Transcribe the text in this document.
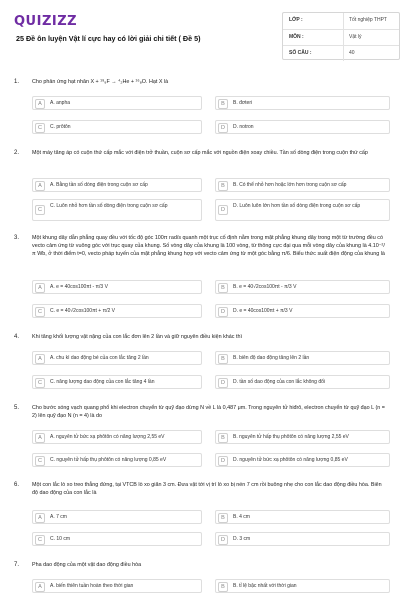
QUIZIZZ
25 Đề ôn luyện Vật lí cực hay có lời giải chi tiết ( Đề 5)
LỚP :	Tốt nghiệp THPT
MÔN :	Vật lý
SỐ CÂU :	40
1. Cho phản ứng hạt nhân X + ¹⁹₉F → ⁴₂He + ¹⁶₈O. Hạt X là
A	A. anpha	B	B. đơteri
C	C. prôtôn	D	D. notron
2. Một máy tăng áp có cuộn thứ cấp mắc với điện trở thuần, cuộn sơ cấp mắc với nguồn điện xoay chiều. Tần số dòng điện trong cuộn thứ cấp
A	A. Bằng tần số dòng điện trong cuộn sơ cấp	B	B. Có thể nhỏ hơn hoặc lớn hơn trong cuộn sơ cấp
C
C. Luôn nhỏ hơn tần số dòng điện trong cuộn sơ cấp
D
D. Luôn luôn lớn hơn tần số dòng điện trong cuộn sơ cấp
3. Một khung dây dẫn phẳng quay đều với tốc độ góc 100π rad/s quanh một trục cố định nằm trong mặt phẳng khung dây trong một từ trường đều có vecto cảm ứng từ vuông góc với trục quay của khung. Số vòng dây của khung là 100 vòng, từ thông cực đại qua mỗi vòng dây của khung là 4.10⁻²/π Wb, ở thời điểm t=0, vecto pháp tuyến của mặt phẳng khung hợp với vecto cảm ứng từ một góc bằng π/6. Biểu thức suất điện động của khung là
A	A. e = 40cos100πt - π/3 V	B	B. e = 40√2cos100πt - π/3 V
C	C. e = 40√2cos100πt + π/2 V	D	D. e = 40cos100πt + π/3 V
4. Khi tăng khối lượng vật nặng của con lắc đơn lên 2 lần và giữ nguyên điều kiện khác thì
A	A. chu kì dao động bé của con lắc tăng 2 lần	B	B. biên độ dao động tăng lên 2 lần
C	C. năng lượng dao động của con lắc tăng 4 lần	D	D. tần số dao động của con lắc không đổi
5. Cho bước sóng vạch quang phổ khi electron chuyển từ quỹ đạo dừng N về L là 0,487 μm. Trong nguyên tử hiđrô, electron chuyển từ quỹ đạo L (n = 2) lên quỹ đạo N (n = 4) là do
A	A. nguyên tử bức xạ phôtôn có năng lượng 2,55 eV	B	B. nguyên tử hấp thụ phôtôn có năng lượng 2,55 eV
C	C. nguyên tử hấp thụ phôtôn có năng lượng 0,85 eV	D	D. nguyên tử bức xạ phôtôn có năng lượng 0,85 eV
6. Một con lắc lò xo treo thẳng đứng, tại VTCB lò xo giãn 3 cm. Đưa vật tới vị trí lò xo bị nén 7 cm rồi buông nhẹ cho con lắc dao động điều hòa. Biên độ dao động của con lắc là
A	A. 7 cm	B	B. 4 cm
C	C. 10 cm	D	D. 3 cm
7. Pha dao động của một vật dao động điều hòa
A	A. biến thiên tuần hoàn theo thời gian	B	B. tỉ lệ bậc nhất với thời gian
